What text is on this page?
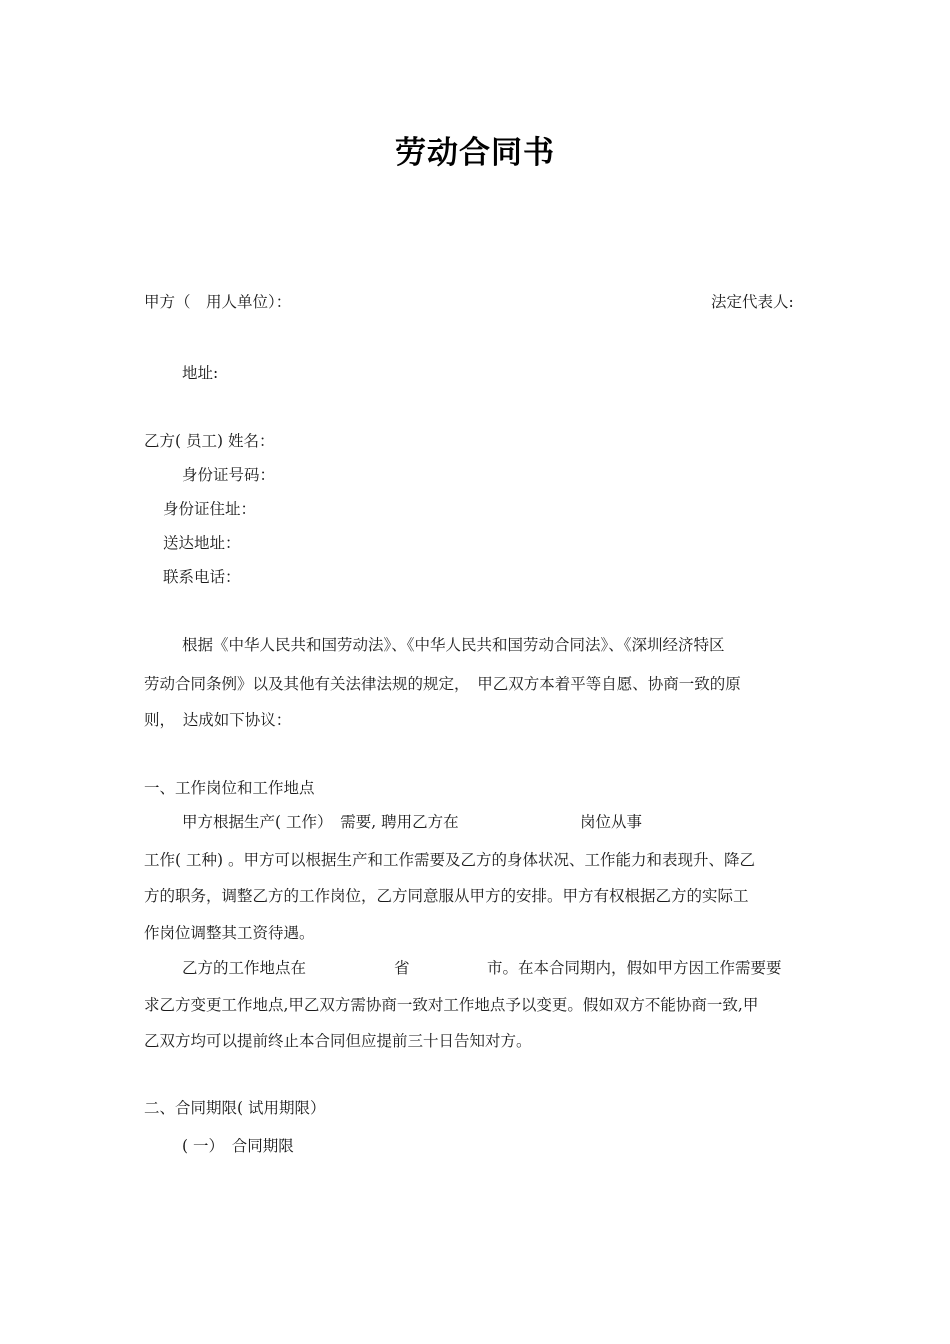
劳动合同书
甲方（　用人单位）：	法定代表人:
地址:
乙方( 员工) 姓名：
身份证号码：
身份证住址：
送达地址：
联系电话：
根据《中华人民共和国劳动法》、《中华人民共和国劳动合同法》、《深圳经济特区
劳动合同条例》以及其他有关法律法规的规定，　甲乙双方本着平等自愿、协商一致的原
则，　达成如下协议：
一、工作岗位和工作地点
甲方根据生产( 工作）　需要, 聘用乙方在	岗位从事
工作( 工种) 。甲方可以根据生产和工作需要及乙方的身体状况、工作能力和表现升、降乙
方的职务，调整乙方的工作岗位，乙方同意服从甲方的安排。甲方有权根据乙方的实际工
作岗位调整其工资待遇。
乙方的工作地点在	省	市。在本合同期内，假如甲方因工作需要要
求乙方变更工作地点,甲乙双方需协商一致对工作地点予以变更。假如双方不能协商一致,甲
乙双方均可以提前终止本合同但应提前三十日告知对方。
二、合同期限( 试用期限）
( 一）　合同期限
